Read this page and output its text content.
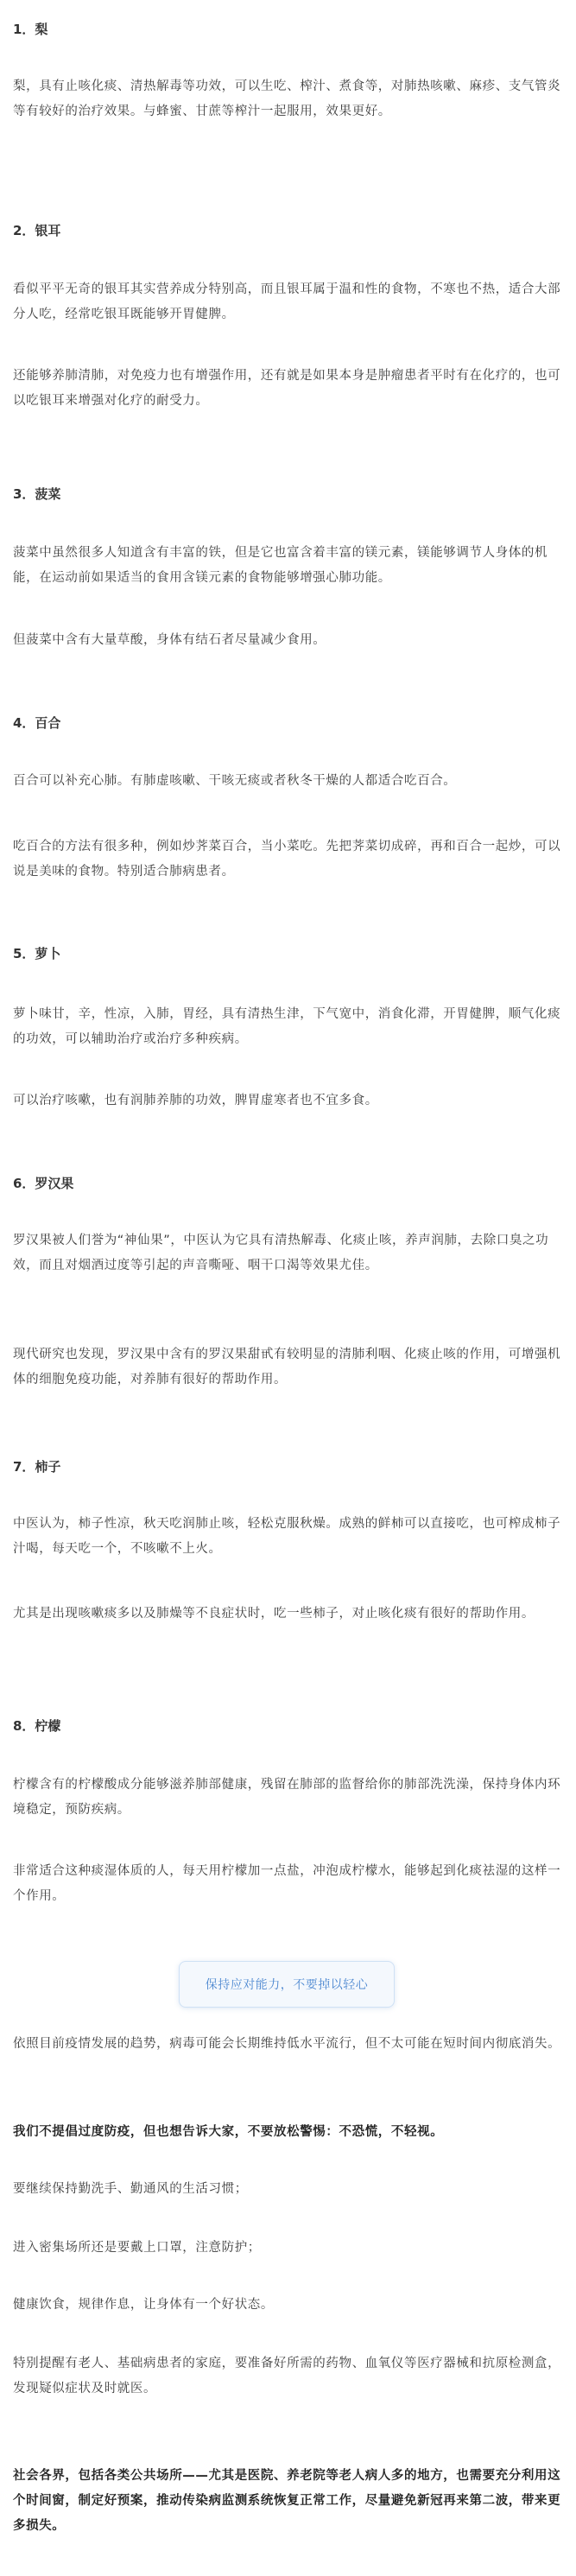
1．梨

梨，具有止咳化痰、清热解毒等功效，可以生吃、榨汁、煮食等，对肺热咳嗽、麻疹、支气管炎等有较好的治疗效果。与蜂蜜、甘蔗等榨汁一起服用，效果更好。

2．银耳

看似平平无奇的银耳其实营养成分特别高，而且银耳属于温和性的食物，不寒也不热，适合大部分人吃，经常吃银耳既能够开胃健脾。

还能够养肺清肺，对免疫力也有增强作用，还有就是如果本身是肿瘤患者平时有在化疗的，也可以吃银耳来增强对化疗的耐受力。

3．菠菜

菠菜中虽然很多人知道含有丰富的铁，但是它也富含着丰富的镁元素，镁能够调节人身体的机能，在运动前如果适当的食用含镁元素的食物能够增强心肺功能。

但菠菜中含有大量草酸，身体有结石者尽量减少食用。

4．百合

百合可以补充心肺。有肺虚咳嗽、干咳无痰或者秋冬干燥的人都适合吃百合。

吃百合的方法有很多种，例如炒荠菜百合，当小菜吃。先把荠菜切成碎，再和百合一起炒，可以说是美味的食物。特别适合肺病患者。

5．萝卜

萝卜味甘，辛，性凉，入肺，胃经，具有清热生津，下气宽中，消食化滞，开胃健脾，顺气化痰的功效，可以辅助治疗或治疗多种疾病。

可以治疗咳嗽，也有润肺养肺的功效，脾胃虚寒者也不宜多食。

6．罗汉果

罗汉果被人们誉为“神仙果”，中医认为它具有清热解毒、化痰止咳，养声润肺，去除口臭之功效，而且对烟酒过度等引起的声音嘶哑、咽干口渴等效果尤佳。

现代研究也发现，罗汉果中含有的罗汉果甜甙有较明显的清肺利咽、化痰止咳的作用，可增强机体的细胞免疫功能，对养肺有很好的帮助作用。

7．柿子

中医认为，柿子性凉，秋天吃润肺止咳，轻松克服秋燥。成熟的鲜柿可以直接吃，也可榨成柿子汁喝，每天吃一个，不咳嗽不上火。

尤其是出现咳嗽痰多以及肺燥等不良症状时，吃一些柿子，对止咳化痰有很好的帮助作用。

8．柠檬

柠檬含有的柠檬酸成分能够滋养肺部健康，残留在肺部的监督给你的肺部洗洗澡，保持身体内环境稳定，预防疾病。

非常适合这种痰湿体质的人，每天用柠檬加一点盐，冲泡成柠檬水，能够起到化痰祛湿的这样一个作用。

保持应对能力，不要掉以轻心

依照目前疫情发展的趋势，病毒可能会长期维持低水平流行，但不太可能在短时间内彻底消失。

我们不提倡过度防疫，但也想告诉大家，不要放松警惕：不恐慌，不轻视。

要继续保持勤洗手、勤通风的生活习惯；

进入密集场所还是要戴上口罩，注意防护；

健康饮食，规律作息，让身体有一个好状态。

特别提醒有老人、基础病患者的家庭，要准备好所需的药物、血氧仪等医疗器械和抗原检测盒，发现疑似症状及时就医。

社会各界，包括各类公共场所——尤其是医院、养老院等老人病人多的地方，也需要充分利用这个时间窗，制定好预案，推动传染病监测系统恢复正常工作，尽量避免新冠再来第二波，带来更多损失。
